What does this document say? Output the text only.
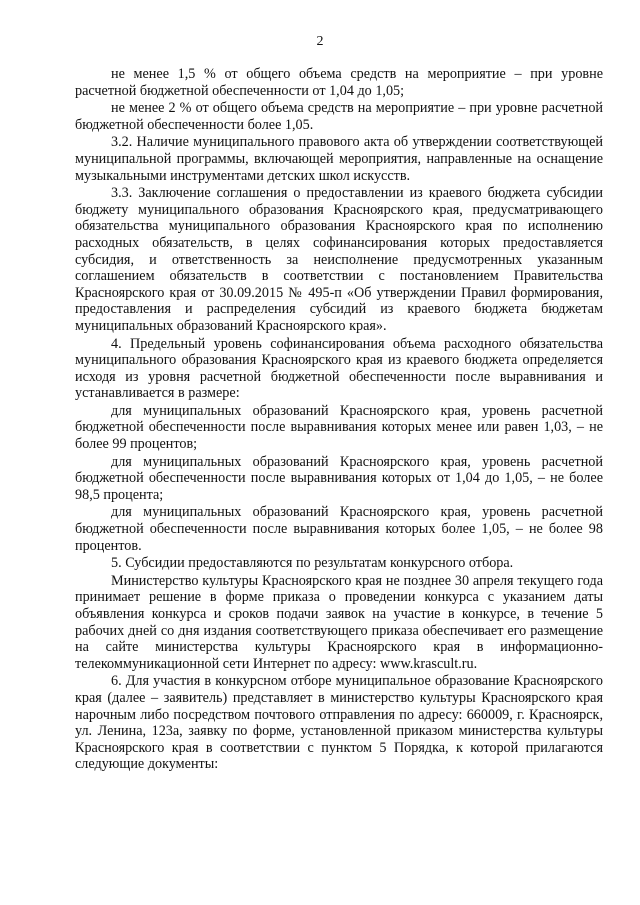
2

не менее 1,5 % от общего объема средств на мероприятие – при уровне расчетной бюджетной обеспеченности от 1,04 до 1,05;

не менее 2 % от общего объема средств на мероприятие – при уровне расчетной бюджетной обеспеченности более 1,05.

3.2. Наличие муниципального правового акта об утверждении соответствующей муниципальной программы, включающей мероприятия, направленные на оснащение музыкальными инструментами детских школ искусств.

3.3. Заключение соглашения о предоставлении из краевого бюджета субсидии бюджету муниципального образования Красноярского края, предусматривающего обязательства муниципального образования Красноярского края по исполнению расходных обязательств, в целях софинансирования которых предоставляется субсидия, и ответственность за неисполнение предусмотренных указанным соглашением обязательств в соответствии с постановлением Правительства Красноярского края от 30.09.2015 № 495-п «Об утверждении Правил формирования, предоставления и распределения субсидий из краевого бюджета бюджетам муниципальных образований Красноярского края».

4. Предельный уровень софинансирования объема расходного обязательства муниципального образования Красноярского края из краевого бюджета определяется исходя из уровня расчетной бюджетной обеспеченности после выравнивания и устанавливается в размере:

для муниципальных образований Красноярского края, уровень расчетной бюджетной обеспеченности после выравнивания которых менее или равен 1,03, – не более 99 процентов;

для муниципальных образований Красноярского края, уровень расчетной бюджетной обеспеченности после выравнивания которых от 1,04 до 1,05, – не более 98,5 процента;

для муниципальных образований Красноярского края, уровень расчетной бюджетной обеспеченности после выравнивания которых более 1,05, – не более 98 процентов.

5. Субсидии предоставляются по результатам конкурсного отбора.

Министерство культуры Красноярского края не позднее 30 апреля текущего года принимает решение в форме приказа о проведении конкурса с указанием даты объявления конкурса и сроков подачи заявок на участие в конкурсе, в течение 5 рабочих дней со дня издания соответствующего приказа обеспечивает его размещение на сайте министерства культуры Красноярского края в информационно-телекоммуникационной сети Интернет по адресу: www.krascult.ru.

6. Для участия в конкурсном отборе муниципальное образование Красноярского края (далее – заявитель) представляет в министерство культуры Красноярского края нарочным либо посредством почтового отправления по адресу: 660009, г. Красноярск, ул. Ленина, 123а, заявку по форме, установленной приказом министерства культуры Красноярского края в соответствии с пунктом 5 Порядка, к которой прилагаются следующие документы:
